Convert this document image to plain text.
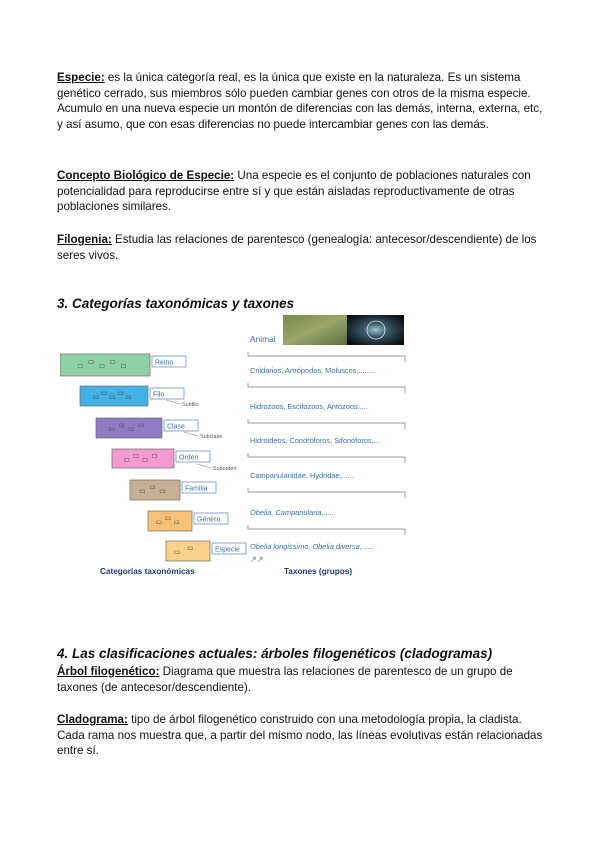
Especie: es la única categoría real, es la única que existe en la naturaleza. Es un sistema genético cerrado, sus miembros sólo pueden cambiar genes con otros de la misma especie. Acumulo en una nueva especie un montón de diferencias con las demás, interna, externa, etc, y así asumo, que con esas diferencias no puede intercambiar genes con las demás.
Concepto Biológico de Especie: Una especie es el conjunto de poblaciones naturales con potencialidad para reproducirse entre sí y que están aisladas reproductivamente de otras poblaciones similares.
Filogenia: Estudia las relaciones de parentesco (genealogía: antecesor/descendiente) de los seres vivos.
3. Categorías taxonómicas y taxones
Reino
Filo
Clase
Orden
Familia
Género
Especie
Subfilo
Subclase
Suborden
Animal
Cnidarios, Artrópodos, Moluscos,........
Hidrozoos, Escifozoos, Antozoos.....
Hidroideos, Condróforos, Sifonóforos,...
Campanulariidae, Hydridae,......
Obelia, Campanularia,.....
Obelia longissimo, Obelia diversa, .....
Categorías taxonómicas	Taxones (grupos)
↗↗
4. Las clasificaciones actuales: árboles filogenéticos (cladogramas)
Árbol filogenético: Diagrama que muestra las relaciones de parentesco de un grupo de taxones (de antecesor/descendiente).
Cladograma: tipo de árbol filogenético construido con una metodología propia, la cladista. Cada rama nos muestra que, a partir del mismo nodo, las líneas evolutivas están relacionadas entre sí.
